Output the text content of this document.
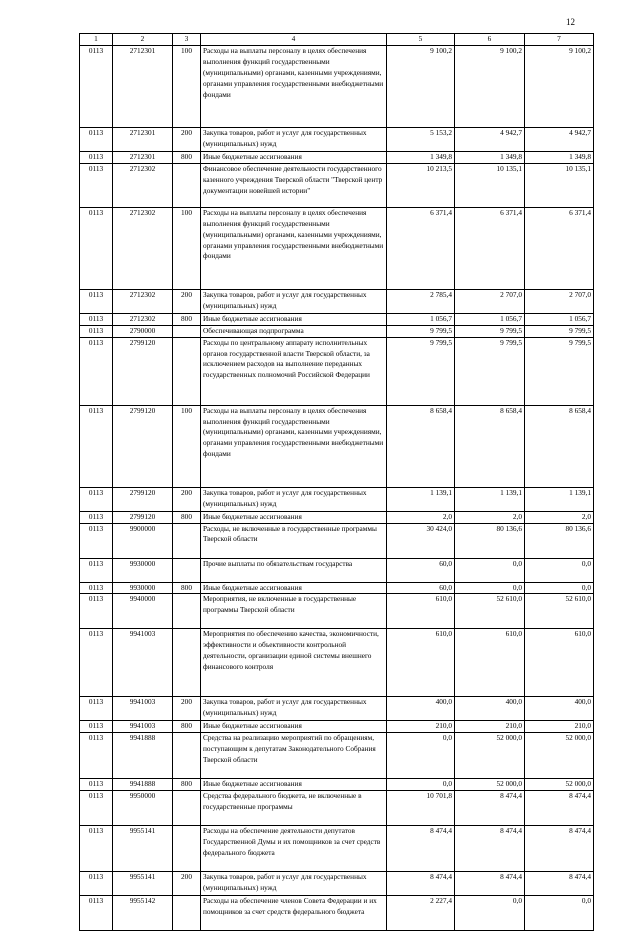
12
1	2	3	4	5	6	7
0113	2712301	100	Расходы на выплаты персоналу в целях обеспечения выполнения функций государственными (муниципальными) органами, казенными учреждениями, органами управления государственными внебюджетными фондами	9 100,2	9 100,2	9 100,2
0113	2712301	200	Закупка товаров, работ и услуг для государственных (муниципальных) нужд	5 153,2	4 942,7	4 942,7
0113	2712301	800	Иные бюджетные ассигнования	1 349,8	1 349,8	1 349,8
0113	2712302		Финансовое обеспечение деятельности государственного казенного учреждения Тверской области "Тверской центр документации новейшей истории"	10 213,5	10 135,1	10 135,1
0113	2712302	100	Расходы на выплаты персоналу в целях обеспечения выполнения функций государственными (муниципальными) органами, казенными учреждениями, органами управления государственными внебюджетными фондами	6 371,4	6 371,4	6 371,4
0113	2712302	200	Закупка товаров, работ и услуг для государственных (муниципальных) нужд	2 785,4	2 707,0	2 707,0
0113	2712302	800	Иные бюджетные ассигнования	1 056,7	1 056,7	1 056,7
0113	2790000		Обеспечивающая подпрограмма	9 799,5	9 799,5	9 799,5
0113	2799120		Расходы по центральному аппарату исполнительных органов государственной власти Тверской области, за исключением расходов на выполнение переданных государственных полномочий Российской Федерации	9 799,5	9 799,5	9 799,5
0113	2799120	100	Расходы на выплаты персоналу в целях обеспечения выполнения функций государственными (муниципальными) органами, казенными учреждениями, органами управления государственными внебюджетными фондами	8 658,4	8 658,4	8 658,4
0113	2799120	200	Закупка товаров, работ и услуг для государственных (муниципальных) нужд	1 139,1	1 139,1	1 139,1
0113	2799120	800	Иные бюджетные ассигнования	2,0	2,0	2,0
0113	9900000		Расходы, не включенные в государственные программы Тверской области	30 424,0	80 136,6	80 136,6
0113	9930000		Прочие выплаты по обязательствам государства	60,0	0,0	0,0
0113	9930000	800	Иные бюджетные ассигнования	60,0	0,0	0,0
0113	9940000		Мероприятия, не включенные в государственные программы Тверской области	610,0	52 610,0	52 610,0
0113	9941003		Мероприятия по обеспечению качества, экономичности, эффективности и объективности контрольной деятельности, организации единой системы внешнего финансового контроля	610,0	610,0	610,0
0113	9941003	200	Закупка товаров, работ и услуг для государственных (муниципальных) нужд	400,0	400,0	400,0
0113	9941003	800	Иные бюджетные ассигнования	210,0	210,0	210,0
0113	9941888		Средства на реализацию мероприятий по обращениям, поступающим к депутатам Законодательного Собрания Тверской области	0,0	52 000,0	52 000,0
0113	9941888	800	Иные бюджетные ассигнования	0,0	52 000,0	52 000,0
0113	9950000		Средства федерального бюджета, не включенные в государственные программы	10 701,8	8 474,4	8 474,4
0113	9955141		Расходы на обеспечение деятельности депутатов Государственной Думы и их помощников за счет средств федерального бюджета	8 474,4	8 474,4	8 474,4
0113	9955141	200	Закупка товаров, работ и услуг для государственных (муниципальных) нужд	8 474,4	8 474,4	8 474,4
0113	9955142		Расходы на обеспечение членов Совета Федерации и их помощников за счет средств федерального бюджета	2 227,4	0,0	0,0
